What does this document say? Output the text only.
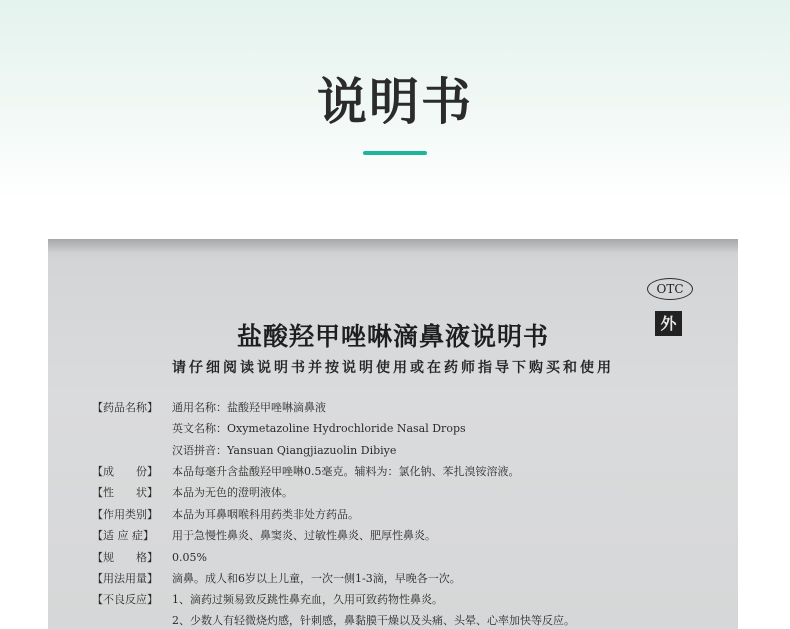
说明书
OTC
外
盐酸羟甲唑啉滴鼻液说明书
请仔细阅读说明书并按说明使用或在药师指导下购买和使用
【药品名称】 通用名称：盐酸羟甲唑啉滴鼻液
英文名称：Oxymetazoline Hydrochloride Nasal Drops
汉语拼音：Yansuan Qiangjiazuolin Dibiye
【成　　份】 本品每毫升含盐酸羟甲唑啉0.5毫克。辅料为：氯化钠、苯扎溴铵溶液。
【性　　状】 本品为无色的澄明液体。
【作用类别】 本品为耳鼻咽喉科用药类非处方药品。
【适 应 症】 用于急慢性鼻炎、鼻窦炎、过敏性鼻炎、肥厚性鼻炎。
【规　　格】 0.05%
【用法用量】 滴鼻。成人和6岁以上儿童，一次一侧1-3滴，早晚各一次。
【不良反应】 1、滴药过频易致反跳性鼻充血，久用可致药物性鼻炎。
2、少数人有轻微烧灼感，针刺感，鼻黏膜干燥以及头痛、头晕、心率加快等反应。
